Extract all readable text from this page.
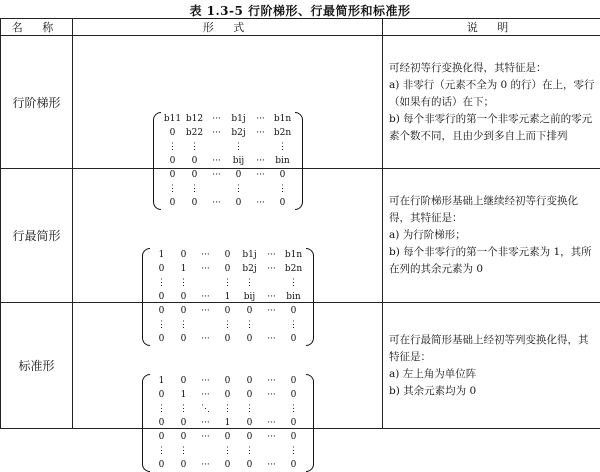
表 1.3-5 行阶梯形、行最简形和标准形
名 称	形 式	说 明
行阶梯形	
b11	b12	···	b1j	···	b1n
0	b22	···	b2j	···	b2n
⋮	⋮		⋮		⋮
0	0	···	bij	···	bin
0	0	···	0	···	0
⋮	⋮		⋮		⋮
0	0	···	0	···	0

可经初等行变换化得，其特征是：

a) 非零行（元素不全为 0 的行）在上，零行（如果有的话）在下；

b) 每个非零行的第一个非零元素之前的零元素个数不同，且由少到多自上而下排列

行最简形	
1	0	···	0	b1j	···	b1n
0	1	···	0	b2j	···	b2n
⋮	⋮		⋮	⋮		⋮
0	0	···	1	bij	···	bin
0	0	···	0	0	···	0
⋮	⋮		⋮	⋮		⋮
0	0	···	0	0	···	0

可在行阶梯形基础上继续经初等行变换化得，其特征是：

a) 为行阶梯形；

b) 每个非零行的第一个非零元素为 1，其所在列的其余元素为 0

标准形	
1	0	···	0	0	···	0
0	1	···	0	0	···	0
⋮	⋮	⋱	⋮	⋮		⋮
0	0	···	1	0	···	0
0	0	···	0	0	···	0
⋮	⋮		⋮	⋮		⋮
0	0	···	0	0	···	0

可在行最简形基础上经初等列变换化得，其特征是：

a) 左上角为单位阵

b) 其余元素均为 0
